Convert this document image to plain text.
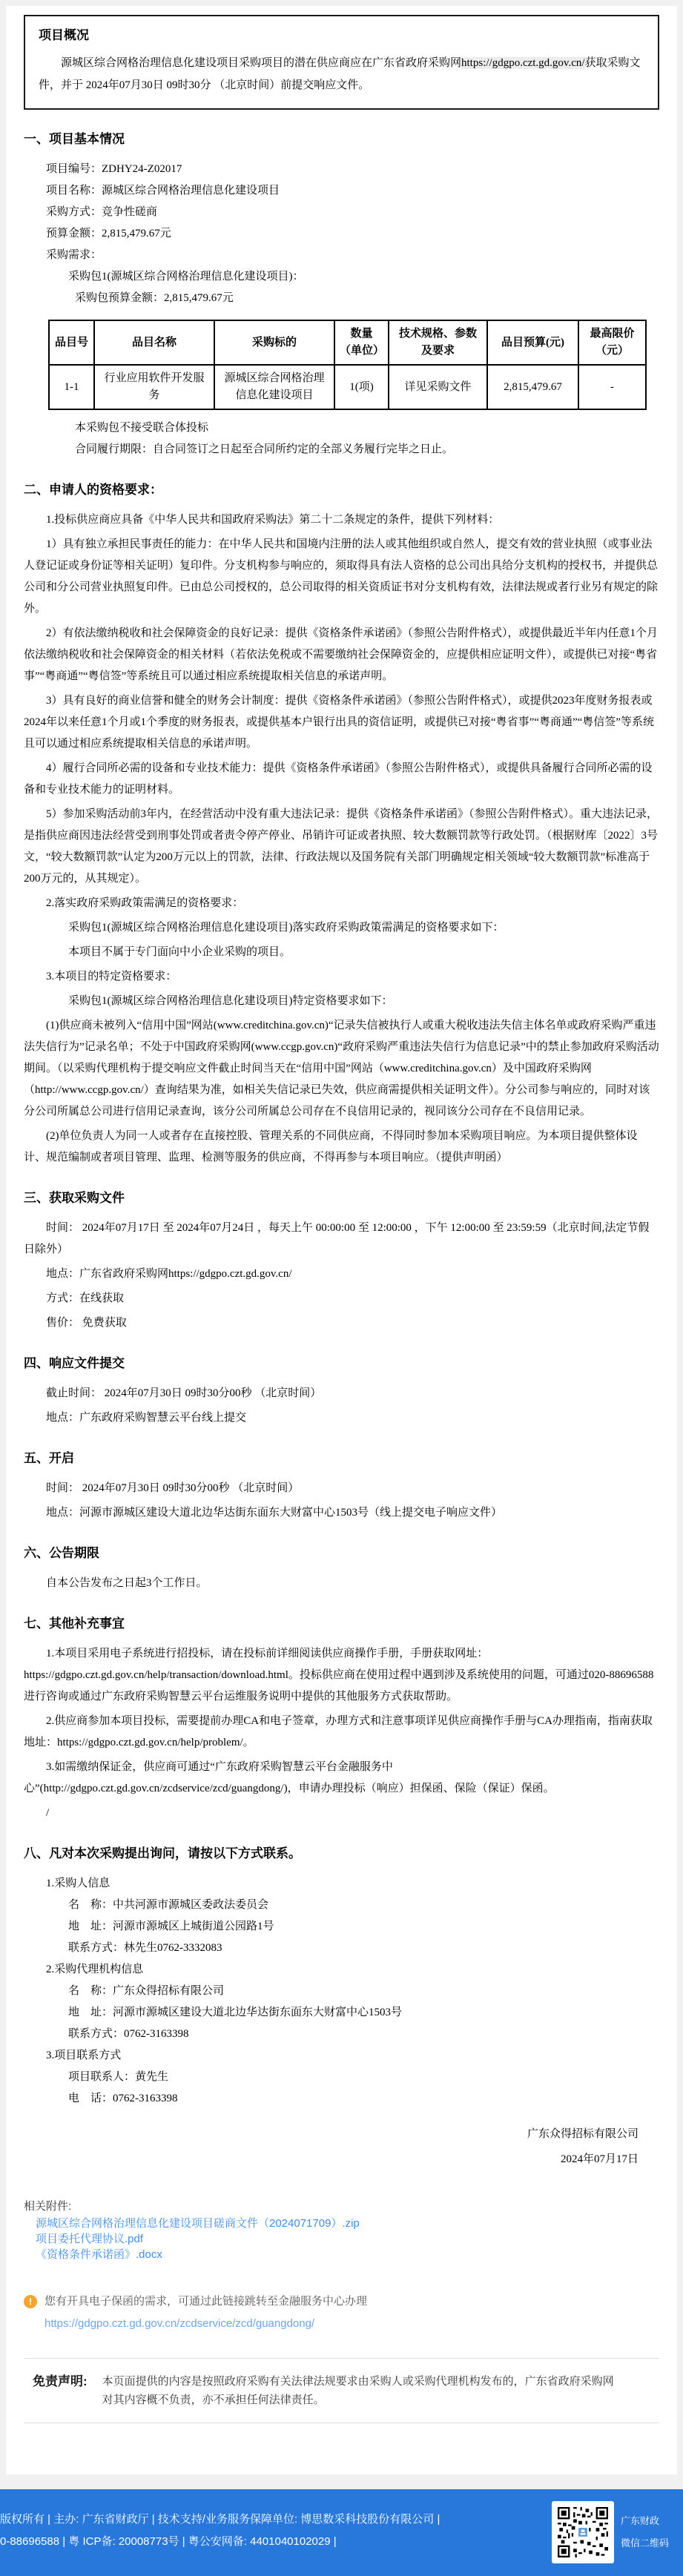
项目概况

源城区综合网格治理信息化建设项目采购项目的潜在供应商应在广东省政府采购网https://gdgpo.czt.gd.gov.cn/获取采购文件，并于 2024年07月30日 09时30分 （北京时间）前提交响应文件。

一、项目基本情况

项目编号：ZDHY24-Z02017

项目名称：源城区综合网格治理信息化建设项目

采购方式：竞争性磋商

预算金额：2,815,479.67元

采购需求：

采购包1(源城区综合网格治理信息化建设项目)：

采购包预算金额：2,815,479.67元

品目号	品目名称	采购标的	数量（单位）	技术规格、参数及要求	品目预算(元)	最高限价（元）
1-1	行业应用软件开发服务	源城区综合网格治理信息化建设项目	1(项)	详见采购文件	2,815,479.67	-

本采购包不接受联合体投标

合同履行期限：自合同签订之日起至合同所约定的全部义务履行完毕之日止。

二、申请人的资格要求：

1.投标供应商应具备《中华人民共和国政府采购法》第二十二条规定的条件，提供下列材料：

1）具有独立承担民事责任的能力：在中华人民共和国境内注册的法人或其他组织或自然人，提交有效的营业执照（或事业法人登记证或身份证等相关证明）复印件。分支机构参与响应的，须取得具有法人资格的总公司出具给分支机构的授权书，并提供总公司和分公司营业执照复印件。已由总公司授权的，总公司取得的相关资质证书对分支机构有效，法律法规或者行业另有规定的除外。

2）有依法缴纳税收和社会保障资金的良好记录：提供《资格条件承诺函》（参照公告附件格式），或提供最近半年内任意1个月依法缴纳税收和社会保障资金的相关材料（若依法免税或不需要缴纳社会保障资金的，应提供相应证明文件），或提供已对接“粤省事”“粤商通”“粤信签”等系统且可以通过相应系统提取相关信息的承诺声明。

3）具有良好的商业信誉和健全的财务会计制度：提供《资格条件承诺函》（参照公告附件格式），或提供2023年度财务报表或2024年以来任意1个月或1个季度的财务报表，或提供基本户银行出具的资信证明，或提供已对接“粤省事”“粤商通”“粤信签”等系统且可以通过相应系统提取相关信息的承诺声明。

4）履行合同所必需的设备和专业技术能力：提供《资格条件承诺函》（参照公告附件格式），或提供具备履行合同所必需的设备和专业技术能力的证明材料。

5）参加采购活动前3年内，在经营活动中没有重大违法记录：提供《资格条件承诺函》（参照公告附件格式）。重大违法记录，是指供应商因违法经营受到刑事处罚或者责令停产停业、吊销许可证或者执照、较大数额罚款等行政处罚。（根据财库〔2022〕3号文，“较大数额罚款”认定为200万元以上的罚款，法律、行政法规以及国务院有关部门明确规定相关领域“较大数额罚款”标准高于200万元的，从其规定）。

2.落实政府采购政策需满足的资格要求：

采购包1(源城区综合网格治理信息化建设项目)落实政府采购政策需满足的资格要求如下：

本项目不属于专门面向中小企业采购的项目。

3.本项目的特定资格要求：

采购包1(源城区综合网格治理信息化建设项目)特定资格要求如下：

(1)供应商未被列入“信用中国”网站(www.creditchina.gov.cn)“记录失信被执行人或重大税收违法失信主体名单或政府采购严重违法失信行为”记录名单；不处于中国政府采购网(www.ccgp.gov.cn)“政府采购严重违法失信行为信息记录”中的禁止参加政府采购活动期间。（以采购代理机构于提交响应文件截止时间当天在“信用中国”网站（www.creditchina.gov.cn）及中国政府采购网（http://www.ccgp.gov.cn/）查询结果为准，如相关失信记录已失效，供应商需提供相关证明文件）。分公司参与响应的，同时对该分公司所属总公司进行信用记录查询，该分公司所属总公司存在不良信用记录的，视同该分公司存在不良信用记录。

(2)单位负责人为同一人或者存在直接控股、管理关系的不同供应商，不得同时参加本采购项目响应。为本项目提供整体设计、规范编制或者项目管理、监理、检测等服务的供应商，不得再参与本项目响应。（提供声明函）

三、获取采购文件

时间： 2024年07月17日 至 2024年07月24日 ，每天上午 00:00:00 至 12:00:00 ，下午 12:00:00 至 23:59:59（北京时间,法定节假日除外）

地点：广东省政府采购网https://gdgpo.czt.gd.gov.cn/

方式：在线获取

售价： 免费获取

四、响应文件提交

截止时间： 2024年07月30日 09时30分00秒 （北京时间）

地点：广东政府采购智慧云平台线上提交

五、开启

时间： 2024年07月30日 09时30分00秒 （北京时间）

地点：河源市源城区建设大道北边华达街东面东大财富中心1503号（线上提交电子响应文件）

六、公告期限

自本公告发布之日起3个工作日。

七、其他补充事宜

1.本项目采用电子系统进行招投标，请在投标前详细阅读供应商操作手册，手册获取网址：https://gdgpo.czt.gd.gov.cn/help/transaction/download.html。投标供应商在使用过程中遇到涉及系统使用的问题，可通过020-88696588进行咨询或通过广东政府采购智慧云平台运维服务说明中提供的其他服务方式获取帮助。

2.供应商参加本项目投标，需要提前办理CA和电子签章，办理方式和注意事项详见供应商操作手册与CA办理指南，指南获取地址：https://gdgpo.czt.gd.gov.cn/help/problem/。

3.如需缴纳保证金，供应商可通过“广东政府采购智慧云平台金融服务中心”(http://gdgpo.czt.gd.gov.cn/zcdservice/zcd/guangdong/)，申请办理投标（响应）担保函、保险（保证）保函。

/

八、凡对本次采购提出询问，请按以下方式联系。

1.采购人信息

名　称：中共河源市源城区委政法委员会

地　址：河源市源城区上城街道公园路1号

联系方式：林先生0762-3332083

2.采购代理机构信息

名　称：广东众得招标有限公司

地　址：河源市源城区建设大道北边华达街东面东大财富中心1503号

联系方式：0762-3163398

3.项目联系方式

项目联系人：黄先生

电　话：0762-3163398

广东众得招标有限公司

2024年07月17日

相关附件:

源城区综合网格治理信息化建设项目磋商文件（2024071709）.zip
项目委托代理协议.pdf
《资格条件承诺函》.docx
!	您有开具电子保函的需求，可通过此链接跳转至金融服务中心办理
https://gdgpo.czt.gd.gov.cn/zcdservice/zcd/guangdong/
免责声明: 本页面提供的内容是按照政府采购有关法律法规要求由采购人或采购代理机构发布的，广东省政府采购网对其内容概不负责，亦不承担任何法律责任。

版权所有 | 主办: 广东省财政厅 | 技术支持/业务服务保障单位: 博思数采科技股份有限公司 |

0-88696588 | 粤 ICP备: 20008773号 | 粤公安网备: 4401040102029 |

广东财政

微信二维码
